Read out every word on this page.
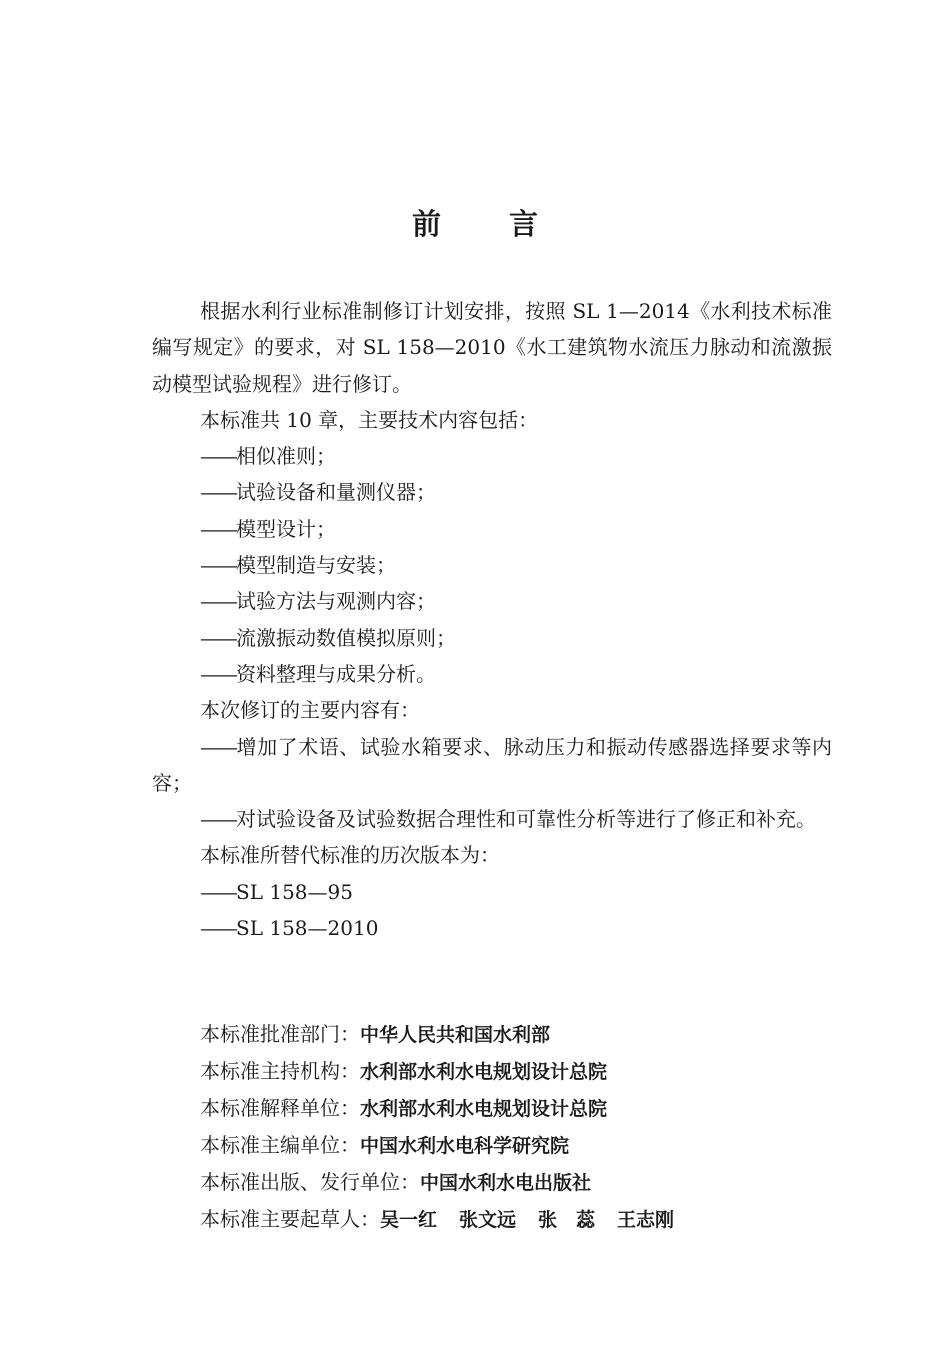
前言

根据水利行业标准制修订计划安排，按照 SL 1—2014《水利技术标准编写规定》的要求，对 SL 158—2010《水工建筑物水流压力脉动和流激振动模型试验规程》进行修订。

本标准共 10 章，主要技术内容包括：

——相似准则；
——试验设备和量测仪器；
——模型设计；
——模型制造与安装；
——试验方法与观测内容；
——流激振动数值模拟原则；
——资料整理与成果分析。

本次修订的主要内容有：

——增加了术语、试验水箱要求、脉动压力和振动传感器选择要求等内容；

——对试验设备及试验数据合理性和可靠性分析等进行了修正和补充。

本标准所替代标准的历次版本为：

——SL 158—95
——SL 158—2010
本标准批准部门：中华人民共和国水利部
本标准主持机构：水利部水利水电规划设计总院
本标准解释单位：水利部水利水电规划设计总院
本标准主编单位：中国水利水电科学研究院
本标准出版、发行单位：中国水利水电出版社
本标准主要起草人：吴一红 张文远 张　蕊 王志刚
